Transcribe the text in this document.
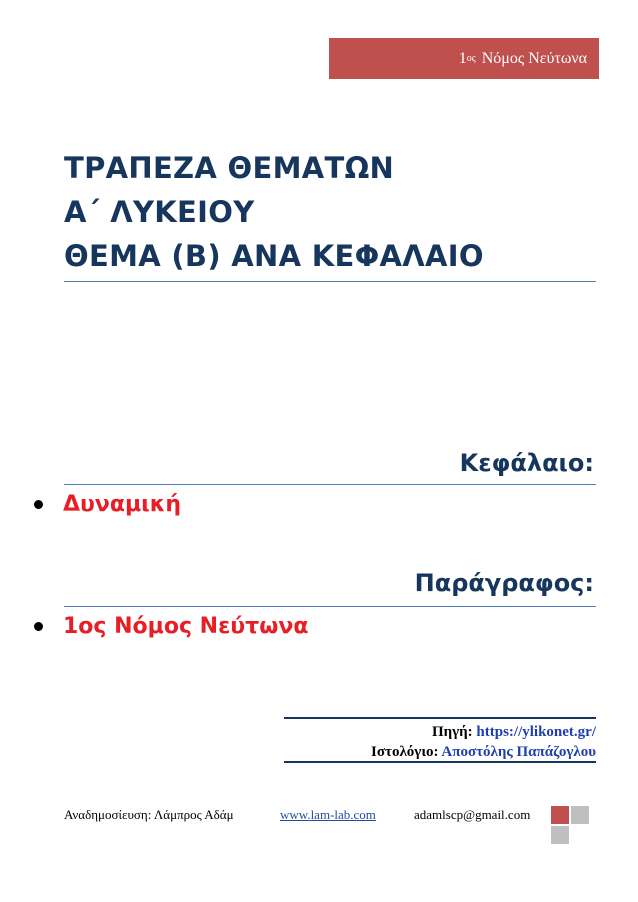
1 ος Νόμος Νεύτωνα
ΤΡΑΠΕΖΑ ΘΕΜΑΤΩΝ
Α΄ ΛΥΚΕΙΟΥ
ΘΕΜΑ (Β) ΑΝΑ ΚΕΦΑΛΑΙΟ
Κεφάλαιο:
Δυναμική
Παράγραφος:
1ος Νόμος Νεύτωνα
Πηγή: https://ylikonet.gr/
Ιστολόγιο: Αποστόλης Παπάζογλου
Αναδημοσίευση: Λάμπρος Αδάμ	www.lam-lab.com	adamlscp@gmail.com
